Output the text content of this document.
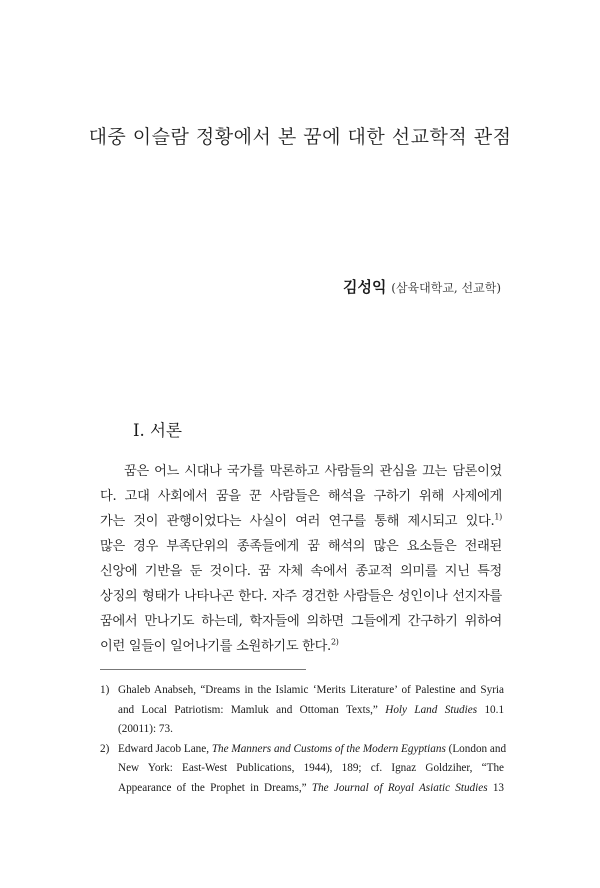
대중 이슬람 정황에서 본 꿈에 대한 선교학적 관점
김성익 (삼육대학교, 선교학)
I. 서론
꿈은 어느 시대나 국가를 막론하고 사람들의 관심을 끄는 담론이었
다. 고대 사회에서 꿈을 꾼 사람들은 해석을 구하기 위해 사제에게
가는 것이 관행이었다는 사실이 여러 연구를 통해 제시되고 있다.$^{1)}$
많은 경우 부족단위의 종족들에게 꿈 해석의 많은 요소들은 전래된
신앙에 기반을 둔 것이다. 꿈 자체 속에서 종교적 의미를 지닌 특정
상징의 형태가 나타나곤 한다. 자주 경건한 사람들은 성인이나 선지자를
꿈에서 만나기도 하는데, 학자들에 의하면 그들에게 간구하기 위하여
이런 일들이 일어나기를 소원하기도 한다.$^{2)}$
1) Ghaleb Anabseh, “Dreams in the Islamic ‘Merits Literature’ of Palestine and Syria
and Local Patriotism: Mamluk and Ottoman Texts,” Holy Land Studies 10.1
(20011): 73.
2) Edward Jacob Lane, The Manners and Customs of the Modern Egyptians (London and
New York: East-West Publications, 1944), 189; cf. Ignaz Goldziher, “The
Appearance of the Prophet in Dreams,” The Journal of Royal Asiatic Studies 13
